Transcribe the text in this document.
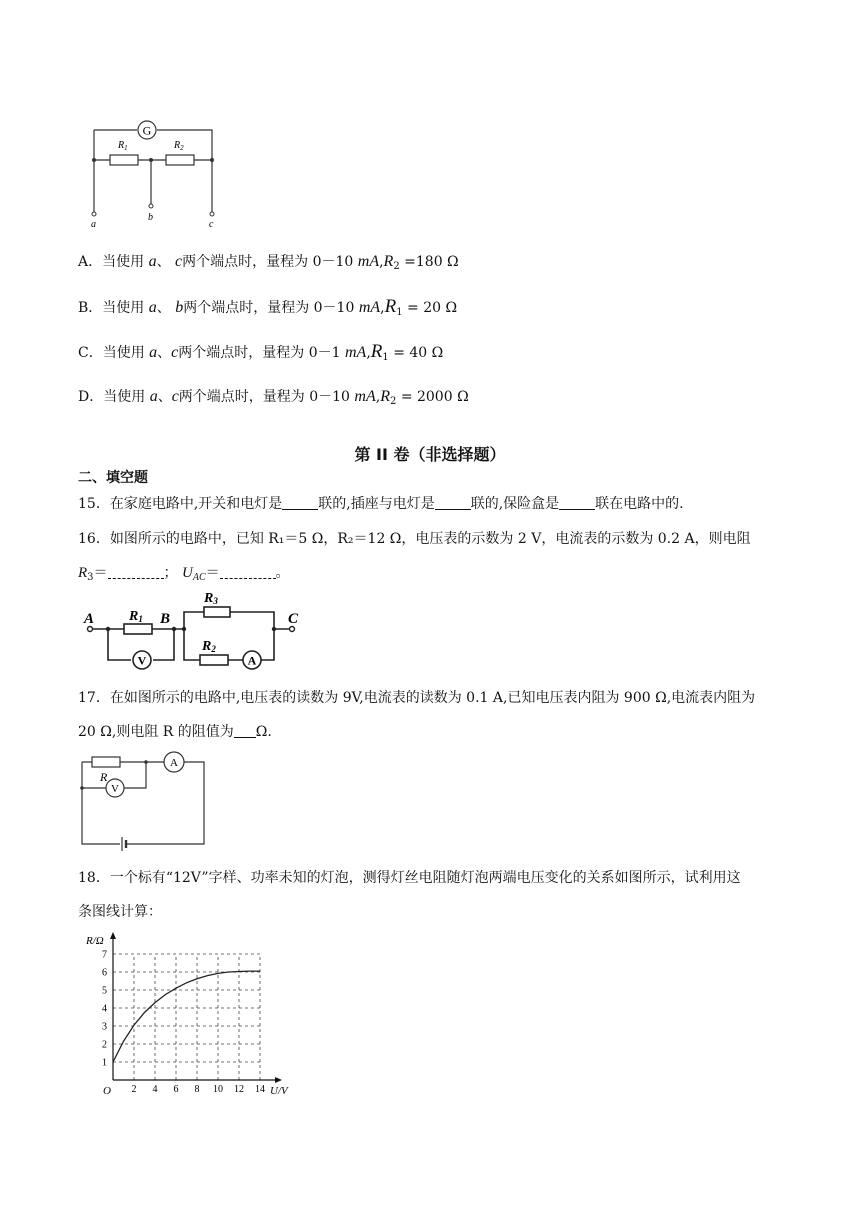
G
$R_1$	$R_2$
a
b
c
A．当使用 a、 c两个端点时，量程为 0－10 $mA,R_2 =180$ Ω
B．当使用 a、 b两个端点时，量程为 0－10 $mA,R_1 = 20$ Ω
C．当使用 a、c两个端点时，量程为 0－1 $mA,R_1 = 40$ Ω
D．当使用 a、c两个端点时，量程为 0－10 $mA,R_2 = 2000$ Ω
第 II 卷（非选择题）
二、填空题
15．在家庭电路中,开关和电灯是	联的,插座与电灯是	联的,保险盒是	联在电路中的.
16．如图所示的电路中，已知 R₁＝5 Ω，R₂＝12 Ω，电压表的示数为 2 V，电流表的示数为 0.2 A，则电阻
$R_3=$	； $U_{AC}=$	。
V	A
A	B	C
R1
R3
R2
17．在如图所示的电路中,电压表的读数为 9V,电流表的读数为 0.1 A,已知电压表内阻为 900 Ω,电流表内阻为
20 Ω,则电阻 R 的阻值为 Ω.
A
V
R
18．一个标有“12V”字样、功率未知的灯泡，测得灯丝电阻随灯泡两端电压变化的关系如图所示，试利用这
条图线计算：
2 4 6 8 10 12 14
1
2
3
4
5
6
7
R/Ω
U/V
O
